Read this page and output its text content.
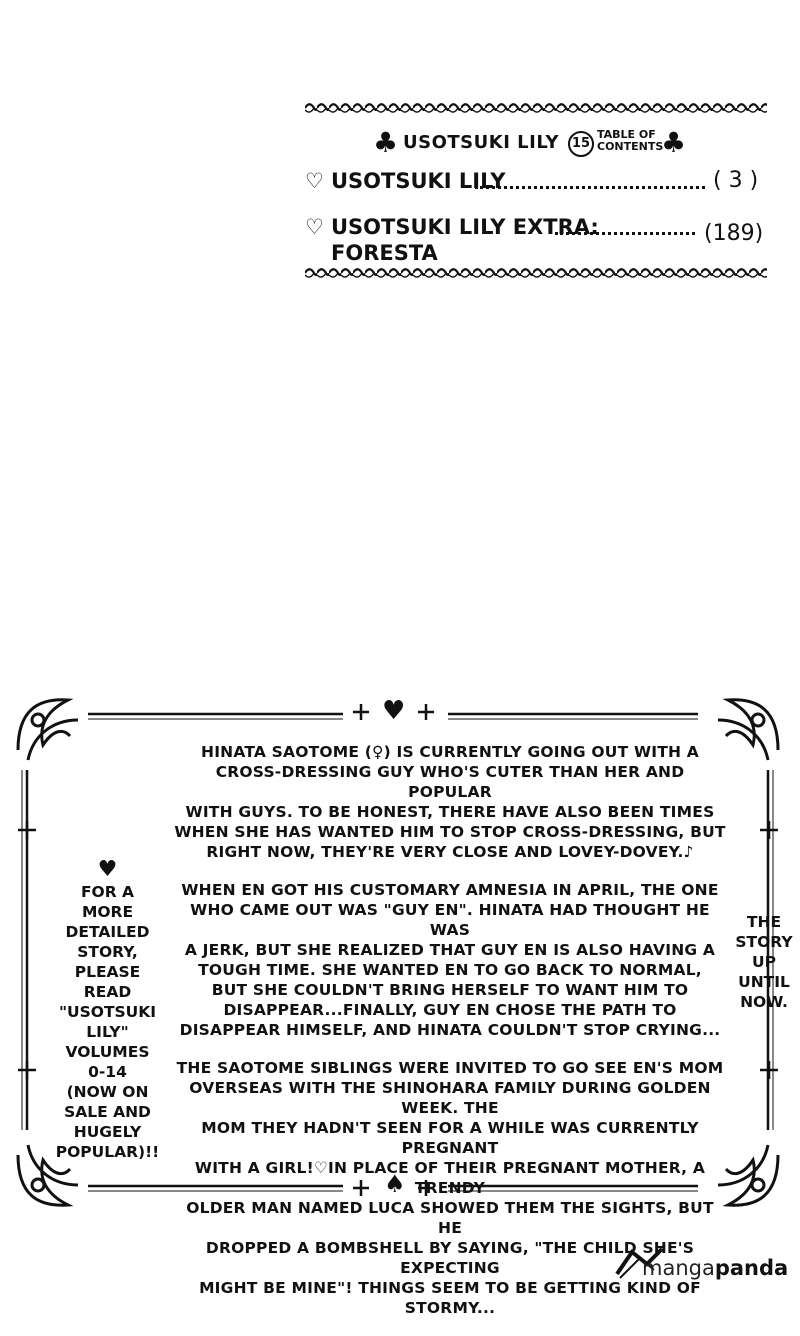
♣ USOTSUKI LILY 15
TABLE OF
CONTENTS
♣
♡ USOTSUKI LILY	( 3 )
♡ USOTSUKI LILY EXTRA:
FORESTA
(189)
♥
♠

HINATA SAOTOME (♀) IS CURRENTLY GOING OUT WITH A
CROSS-DRESSING GUY WHO'S CUTER THAN HER AND POPULAR
WITH GUYS. TO BE HONEST, THERE HAVE ALSO BEEN TIMES
WHEN SHE HAS WANTED HIM TO STOP CROSS-DRESSING, BUT
RIGHT NOW, THEY'RE VERY CLOSE AND LOVEY-DOVEY.♪

WHEN EN GOT HIS CUSTOMARY AMNESIA IN APRIL, THE ONE
WHO CAME OUT WAS "GUY EN". HINATA HAD THOUGHT HE WAS
A JERK, BUT SHE REALIZED THAT GUY EN IS ALSO HAVING A
TOUGH TIME. SHE WANTED EN TO GO BACK TO NORMAL,
BUT SHE COULDN'T BRING HERSELF TO WANT HIM TO
DISAPPEAR...FINALLY, GUY EN CHOSE THE PATH TO
DISAPPEAR HIMSELF, AND HINATA COULDN'T STOP CRYING...

THE SAOTOME SIBLINGS WERE INVITED TO GO SEE EN'S MOM
OVERSEAS WITH THE SHINOHARA FAMILY DURING GOLDEN WEEK. THE
MOM THEY HADN'T SEEN FOR A WHILE WAS CURRENTLY PREGNANT
WITH A GIRL!♡IN PLACE OF THEIR PREGNANT MOTHER, A TRENDY
OLDER MAN NAMED LUCA SHOWED THEM THE SIGHTS, BUT HE
DROPPED A BOMBSHELL BY SAYING, "THE CHILD SHE'S EXPECTING
MIGHT BE MINE"! THINGS SEEM TO BE GETTING KIND OF STORMY...

♥
FOR A
MORE
DETAILED
STORY,
PLEASE
READ
"USOTSUKI
LILY"
VOLUMES
0-14
(NOW ON
SALE AND
HUGELY
POPULAR)!!
THE
STORY
UP
UNTIL
NOW.
mangapanda
